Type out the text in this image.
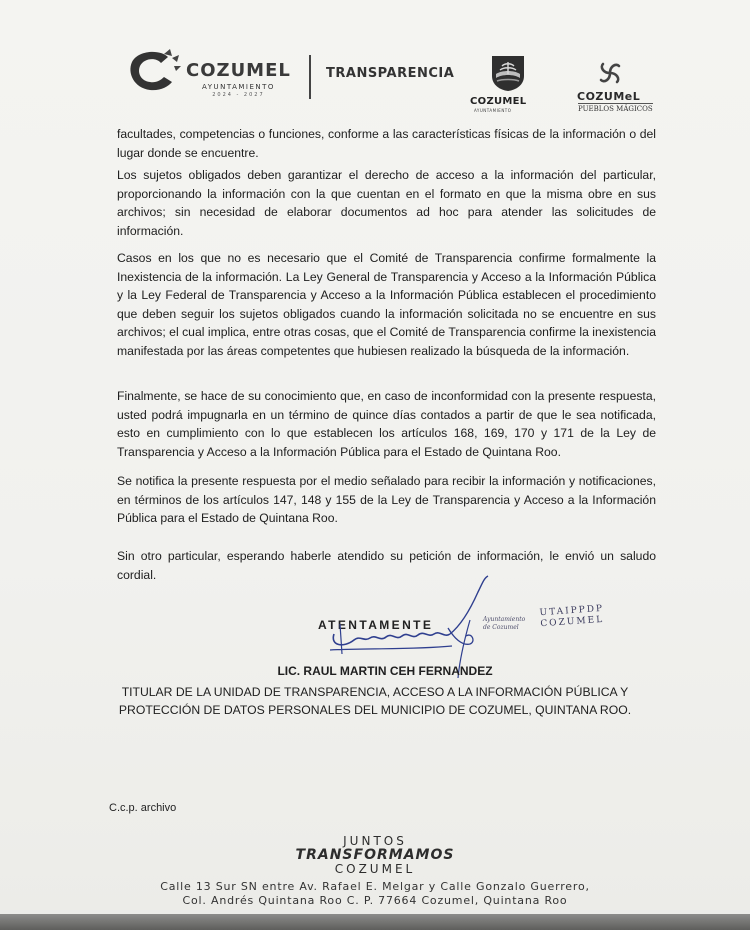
COZUMEL
AYUNTAMIENTO
2024 - 2027
TRANSPARENCIA
COZUMEL
AYUNTAMIENTO
COZUMeL
PUEBLOS MÁGICOS

facultades, competencias o funciones, conforme a las características físicas de la información o del lugar donde se encuentre.

Los sujetos obligados deben garantizar el derecho de acceso a la información del particular, proporcionando la información con la que cuentan en el formato en que la misma obre en sus archivos; sin necesidad de elaborar documentos ad hoc para atender las solicitudes de información.

Casos en los que no es necesario que el Comité de Transparencia confirme formalmente la Inexistencia de la información. La Ley General de Transparencia y Acceso a la Información Pública y la Ley Federal de Transparencia y Acceso a la Información Pública establecen el procedimiento que deben seguir los sujetos obligados cuando la información solicitada no se encuentre en sus archivos; el cual implica, entre otras cosas, que el Comité de Transparencia confirme la inexistencia manifestada por las áreas competentes que hubiesen realizado la búsqueda de la información.

Finalmente, se hace de su conocimiento que, en caso de inconformidad con la presente respuesta, usted podrá impugnarla en un término de quince días contados a partir de que le sea notificada, esto en cumplimiento con lo que establecen los artículos 168, 169, 170 y 171 de la Ley de Transparencia y Acceso a la Información Pública para el Estado de Quintana Roo.

Se notifica la presente respuesta por el medio señalado para recibir la información y notificaciones, en términos de los artículos 147, 148 y 155 de la Ley de Transparencia y Acceso a la Información Pública para el Estado de Quintana Roo.

Sin otro particular, esperando haberle atendido su petición de información, le envió un saludo cordial.

ATENTAMENTE	Ayuntamiento
de Cozumel
UTAIPPDP
COZUMEL
LIC. RAUL MARTIN CEH FERNANDEZ
TITULAR DE LA UNIDAD DE TRANSPARENCIA, ACCESO A LA INFORMACIÓN PÚBLICA Y
PROTECCIÓN DE DATOS PERSONALES DEL MUNICIPIO DE COZUMEL, QUINTANA ROO.
C.c.p. archivo
JUNTOS
TRANSFORMAMOS
COZUMEL
Calle 13 Sur SN entre Av. Rafael E. Melgar y Calle Gonzalo Guerrero,
Col. Andrés Quintana Roo C. P. 77664 Cozumel, Quintana Roo
